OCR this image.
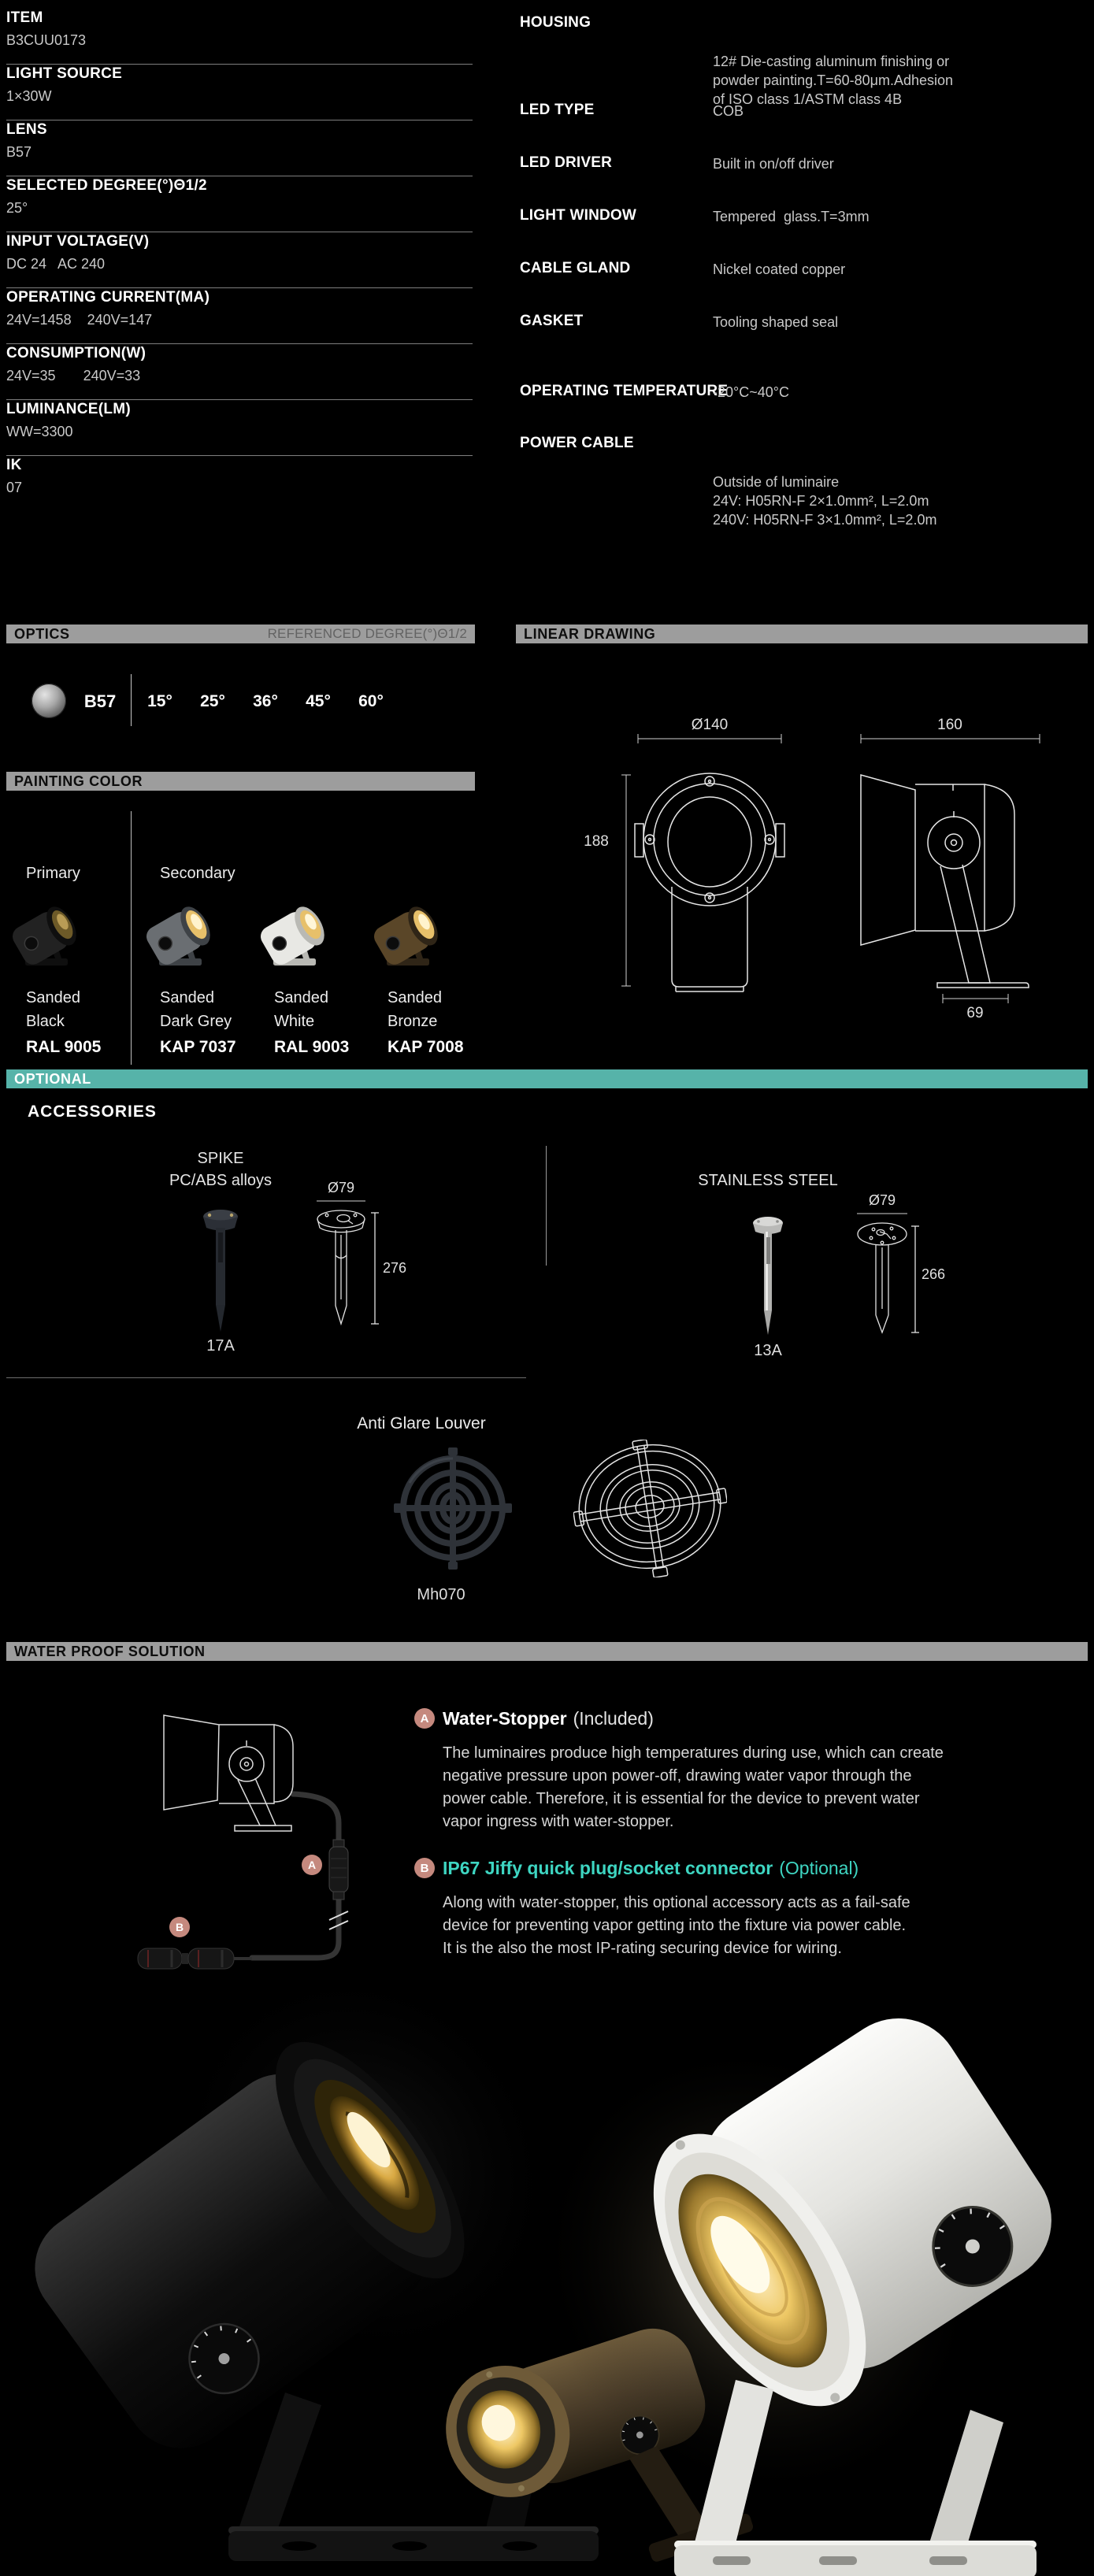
ITEM
B3CUU0173
LIGHT SOURCE
1×30W
LENS
B57
SELECTED DEGREE(°)Θ1/2
25°
INPUT VOLTAGE(V)
DC 24   AC 240
OPERATING CURRENT(MA)
24V=1458    240V=147
CONSUMPTION(W)
24V=35       240V=33
LUMINANCE(LM)
WW=3300
IK
07
HOUSING

12# Die-casting aluminum finishing or
powder painting.T=60-80μm.Adhesion
of ISO class 1/ASTM class 4B

LED TYPE	COB
LED DRIVER	Built in on/off driver
LIGHT WINDOW	Tempered  glass.T=3mm
CABLE GLAND	Nickel coated copper
GASKET	Tooling shaped seal
OPERATING TEMPERATURE
-20°C~40°C
POWER CABLE

Outside of luminaire
24V: H05RN-F 2×1.0mm², L=2.0m
240V: H05RN-F 3×1.0mm², L=2.0m

OPTICS	REFERENCED DEGREE(°)Θ1/2
B57 15° 25° 36° 45° 60°
LINEAR DRAWING
Ø140
188
160
69
PAINTING COLOR
Primary	Secondary
Sanded
Black
RAL 9005
Sanded
Dark Grey
KAP 7037
Sanded
White
RAL 9003
Sanded
Bronze
KAP 7008
OPTIONAL
ACCESSORIES
SPIKE
PC/ABS alloys
17A
Ø79
276
STAINLESS STEEL
13A
Ø79
266
Anti Glare Louver
Mh070
WATER PROOF SOLUTION
A
B
A Water-Stopper (Included)
The luminaires produce high temperatures during use, which can create
negative pressure upon power-off, drawing water vapor through the
power cable. Therefore, it is essential for the device to prevent water
vapor ingress with water-stopper.
B IP67 Jiffy quick plug/socket connector (Optional)
Along with water-stopper, this optional accessory acts as a fail-safe
device for preventing vapor getting into the fixture via power cable.
It is the also the most IP-rating securing device for wiring.
